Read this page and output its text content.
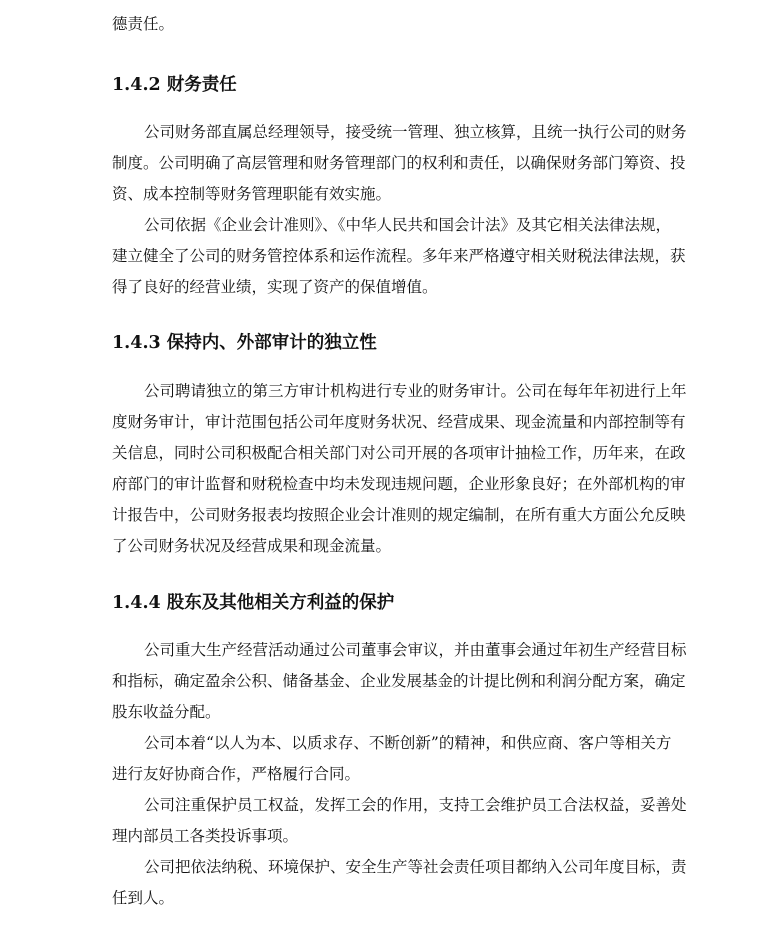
德责任。
1.4.2 财务责任
公司财务部直属总经理领导，接受统一管理、独立核算，且统一执行公司的财务
制度。公司明确了高层管理和财务管理部门的权利和责任，以确保财务部门筹资、投
资、成本控制等财务管理职能有效实施。
公司依据《企业会计准则》、《中华人民共和国会计法》及其它相关法律法规，
建立健全了公司的财务管控体系和运作流程。多年来严格遵守相关财税法律法规，获
得了良好的经营业绩，实现了资产的保值增值。
1.4.3 保持内、外部审计的独立性
公司聘请独立的第三方审计机构进行专业的财务审计。公司在每年年初进行上年
度财务审计，审计范围包括公司年度财务状况、经营成果、现金流量和内部控制等有
关信息，同时公司积极配合相关部门对公司开展的各项审计抽检工作，历年来，在政
府部门的审计监督和财税检查中均未发现违规问题，企业形象良好；在外部机构的审
计报告中，公司财务报表均按照企业会计准则的规定编制，在所有重大方面公允反映
了公司财务状况及经营成果和现金流量。
1.4.4 股东及其他相关方利益的保护
公司重大生产经营活动通过公司董事会审议，并由董事会通过年初生产经营目标
和指标，确定盈余公积、储备基金、企业发展基金的计提比例和利润分配方案，确定
股东收益分配。
公司本着“以人为本、以质求存、不断创新”的精神，和供应商、客户等相关方
进行友好协商合作，严格履行合同。
公司注重保护员工权益，发挥工会的作用，支持工会维护员工合法权益，妥善处
理内部员工各类投诉事项。
公司把依法纳税、环境保护、安全生产等社会责任项目都纳入公司年度目标，责
任到人。
